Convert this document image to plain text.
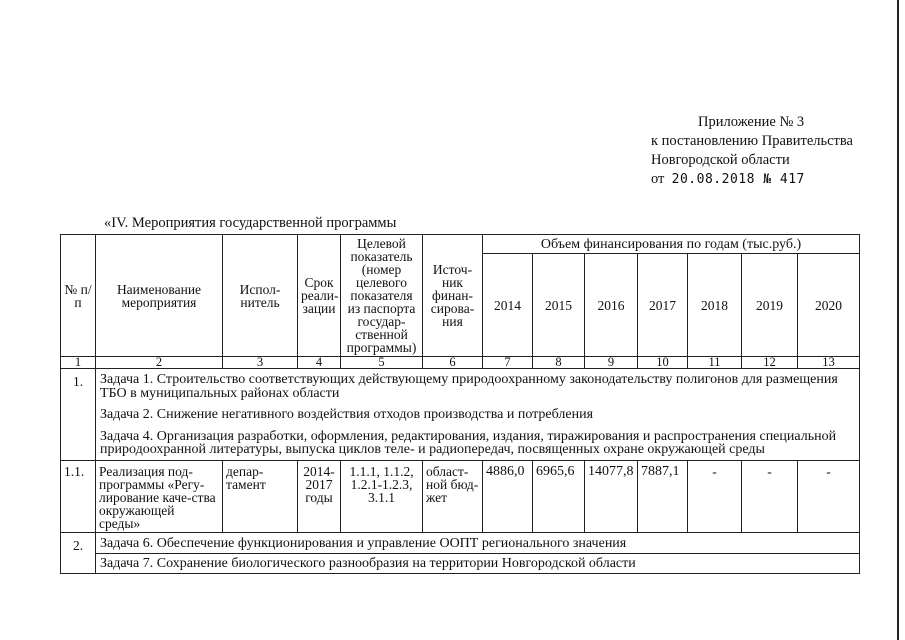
Приложение № 3
к постановлению Правительства
Новгородской области
от 20.08.2018 № 417
«IV. Мероприятия государственной программы
№ п/п	Наименование мероприятия	Испол-нитель	Срок реали-зации	Целевой показатель (номер целевого показателя из паспорта государ-ственной программы)	Источ-ник финан-сирова-ния	Объем финансирования по годам (тыс.руб.)						
						2014	2015	2016	2017	2018	2019	2020
1	2	3	4	5	6	7	8	9	10	11	12	13
1.	Задача 1. Строительство соответствующих действующему природоохранному законодательству полигонов для размещения ТБО в муниципальных районах области
Задача 2. Снижение негативного воздействия отходов производства и потребления
Задача 4. Организация разработки, оформления, редактирования, издания, тиражирования и распространения специальной природоохранной литературы, выпуска циклов теле- и радиопередач, посвященных охране окружающей среды											

1.1.	Реализация под-программы «Регу-лирование каче-ства окружающей среды»	депар-тамент	2014-2017 годы	1.1.1, 1.1.2, 1.2.1-1.2.3, 3.1.1	област-ной бюд-жет	4886,0	6965,6	14077,8	7887,1	-	-	-
2.	Задача 6. Обеспечение функционирования и управление ООПТ регионального значения
Задача 7. Сохранение биологического разнообразия на территории Новгородской области											
